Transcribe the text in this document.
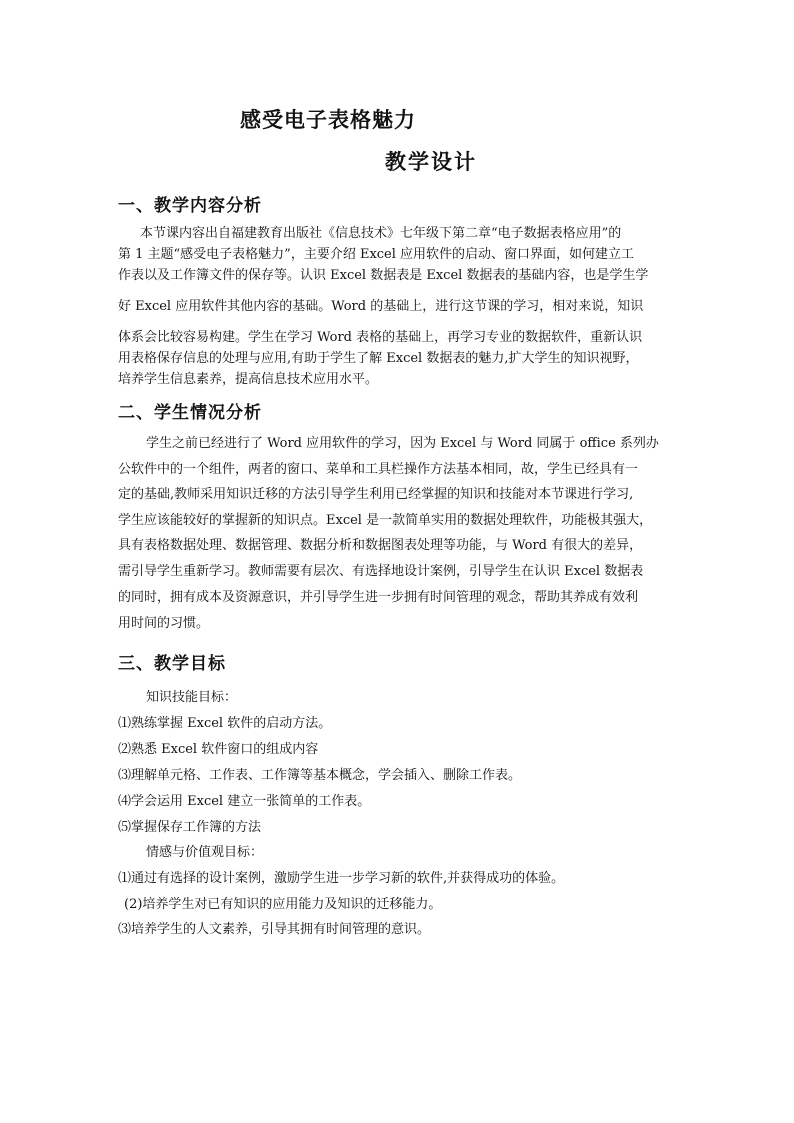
感受电子表格魅力
教学设计
一、教学内容分析
本节课内容出自福建教育出版社《信息技术》七年级下第二章“电子数据表格应用”的
第 1 主题“感受电子表格魅力”，主要介绍 Excel 应用软件的启动、窗口界面，如何建立工
作表以及工作簿文件的保存等。认识 Excel 数据表是 Excel 数据表的基础内容，也是学生学
好 Excel 应用软件其他内容的基础。Word 的基础上，进行这节课的学习，相对来说，知识
体系会比较容易构建。学生在学习 Word 表格的基础上，再学习专业的数据软件，重新认识
用表格保存信息的处理与应用,有助于学生了解 Excel 数据表的魅力,扩大学生的知识视野，
培养学生信息素养，提高信息技术应用水平。
二、学生情况分析
学生之前已经进行了 Word 应用软件的学习，因为 Excel 与 Word 同属于 office 系列办
公软件中的一个组件，两者的窗口、菜单和工具栏操作方法基本相同，故，学生已经具有一
定的基础,教师采用知识迁移的方法引导学生利用已经掌握的知识和技能对本节课进行学习,
学生应该能较好的掌握新的知识点。Excel 是一款简单实用的数据处理软件，功能极其强大，
具有表格数据处理、数据管理、数据分析和数据图表处理等功能，与 Word 有很大的差异，
需引导学生重新学习。教师需要有层次、有选择地设计案例，引导学生在认识 Excel 数据表
的同时，拥有成本及资源意识，并引导学生进一步拥有时间管理的观念，帮助其养成有效利
用时间的习惯。
三、教学目标
知识技能目标：
⑴熟练掌握 Excel 软件的启动方法。
⑵熟悉 Excel 软件窗口的组成内容
⑶理解单元格、工作表、工作簿等基本概念，学会插入、删除工作表。
⑷学会运用 Excel 建立一张简单的工作表。
⑸掌握保存工作簿的方法
情感与价值观目标：
⑴通过有选择的设计案例，激励学生进一步学习新的软件,并获得成功的体验。
(2)培养学生对已有知识的应用能力及知识的迁移能力。
⑶培养学生的人文素养，引导其拥有时间管理的意识。
